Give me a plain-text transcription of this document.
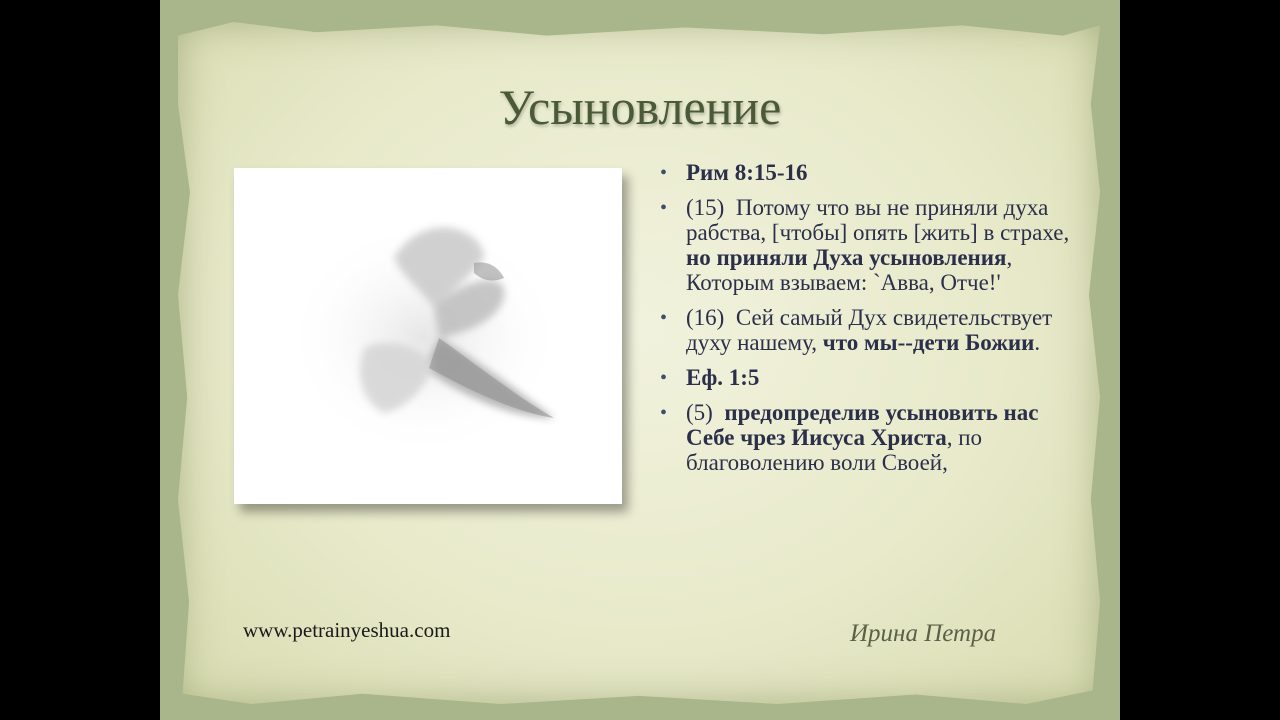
Усыновление
• Рим 8:15-16
• (15) Потому что вы не приняли духа рабства, [чтобы] опять [жить] в страхе, но приняли Духа усыновления, Которым взываем: `Авва, Отче!'
• (16) Сей самый Дух свидетельствует духу нашему, что мы--дети Божии.
• Еф. 1:5
• (5) предопределив усыновить нас Себе чрез Иисуса Христа, по благоволению воли Своей,
www.petrainyeshua.com	Ирина Петра
